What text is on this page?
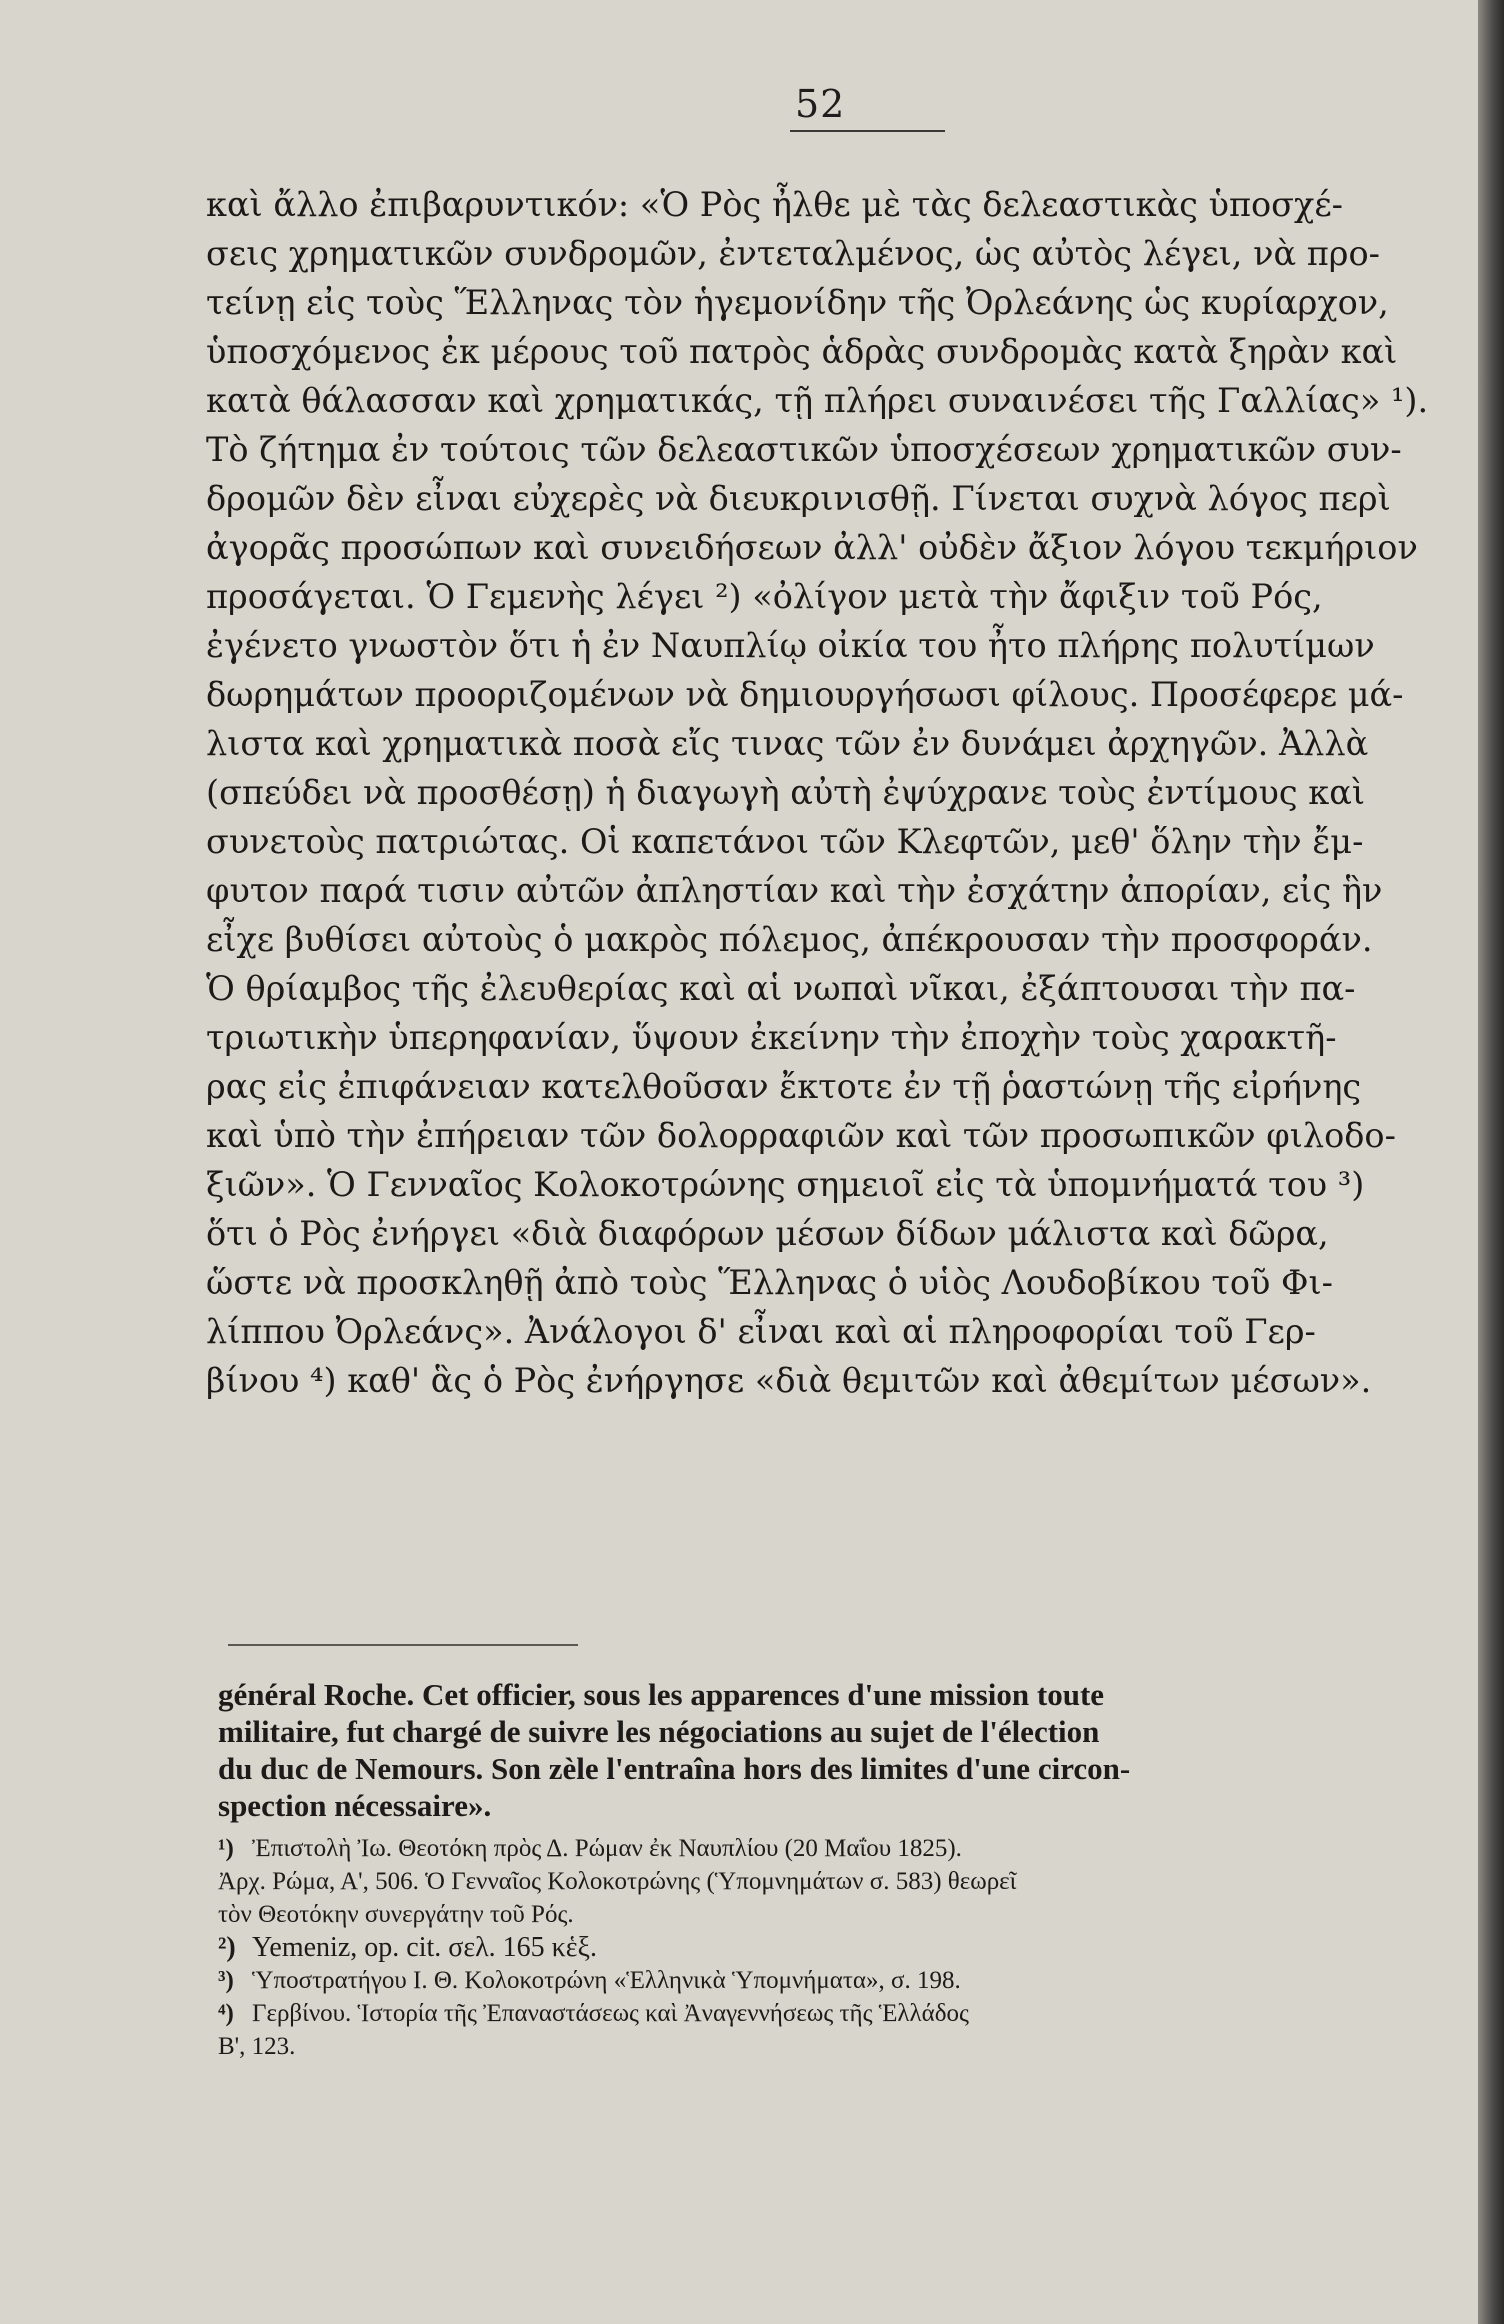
52
καὶ ἄλλο ἐπιβαρυντικόν: «Ὁ Ρὸς ἦλθε μὲ τὰς δελεαστικὰς ὑποσχέ-
σεις χρηματικῶν συνδρομῶν, ἐντεταλμένος, ὡς αὐτὸς λέγει, νὰ προ-
τείνῃ εἰς τοὺς Ἕλληνας τὸν ἡγεμονίδην τῆς Ὀρλεάνης ὡς κυρίαρχον,
ὑποσχόμενος ἐκ μέρους τοῦ πατρὸς ἁδρὰς συνδρομὰς κατὰ ξηρὰν καὶ
κατὰ θάλασσαν καὶ χρηματικάς, τῇ πλήρει συναινέσει τῆς Γαλλίας» ¹).
Τὸ ζήτημα ἐν τούτοις τῶν δελεαστικῶν ὑποσχέσεων χρηματικῶν συν-
δρομῶν δὲν εἶναι εὐχερὲς νὰ διευκρινισθῇ. Γίνεται συχνὰ λόγος περὶ
ἀγορᾶς προσώπων καὶ συνειδήσεων ἀλλ' οὐδὲν ἄξιον λόγου τεκμήριον
προσάγεται. Ὁ Γεμενὴς λέγει ²) «ὀλίγον μετὰ τὴν ἄφιξιν τοῦ Ρός,
ἐγένετο γνωστὸν ὅτι ἡ ἐν Ναυπλίῳ οἰκία του ἦτο πλήρης πολυτίμων
δωρημάτων προοριζομένων νὰ δημιουργήσωσι φίλους. Προσέφερε μά-
λιστα καὶ χρηματικὰ ποσὰ εἴς τινας τῶν ἐν δυνάμει ἀρχηγῶν. Ἀλλὰ
(σπεύδει νὰ προσθέσῃ) ἡ διαγωγὴ αὐτὴ ἐψύχρανε τοὺς ἐντίμους καὶ
συνετοὺς πατριώτας. Οἱ καπετάνοι τῶν Κλεφτῶν, μεθ' ὅλην τὴν ἔμ-
φυτον παρά τισιν αὐτῶν ἀπληστίαν καὶ τὴν ἐσχάτην ἀπορίαν, εἰς ἣν
εἶχε βυθίσει αὐτοὺς ὁ μακρὸς πόλεμος, ἀπέκρουσαν τὴν προσφοράν.
Ὁ θρίαμβος τῆς ἐλευθερίας καὶ αἱ νωπαὶ νῖκαι, ἐξάπτουσαι τὴν πα-
τριωτικὴν ὑπερηφανίαν, ὕψουν ἐκείνην τὴν ἐποχὴν τοὺς χαρακτῆ-
ρας εἰς ἐπιφάνειαν κατελθοῦσαν ἔκτοτε ἐν τῇ ῥαστώνῃ τῆς εἰρήνης
καὶ ὑπὸ τὴν ἐπήρειαν τῶν δολορραφιῶν καὶ τῶν προσωπικῶν φιλοδο-
ξιῶν». Ὁ Γενναῖος Κολοκοτρώνης σημειοῖ εἰς τὰ ὑπομνήματά του ³)
ὅτι ὁ Ρὸς ἐνήργει «διὰ διαφόρων μέσων δίδων μάλιστα καὶ δῶρα,
ὥστε νὰ προσκληθῇ ἀπὸ τοὺς Ἕλληνας ὁ υἱὸς Λουδοβίκου τοῦ Φι-
λίππου Ὀρλεάνς». Ἀνάλογοι δ' εἶναι καὶ αἱ πληροφορίαι τοῦ Γερ-
βίνου ⁴) καθ' ἃς ὁ Ρὸς ἐνήργησε «διὰ θεμιτῶν καὶ ἀθεμίτων μέσων».
général Roche. Cet officier, sous les apparences d'une mission toute
militaire, fut chargé de suivre les négociations au sujet de l'élection
du duc de Nemours. Son zèle l'entraîna hors des limites d'une circon-
spection nécessaire».

¹) Ἐπιστολὴ Ἰω. Θεοτόκη πρὸς Δ. Ρώμαν ἐκ Ναυπλίου (20 Μαΐου 1825).

Ἀρχ. Ρώμα, Α', 506. Ὁ Γενναῖος Κολοκοτρώνης (Ὑπομνημάτων σ. 583) θεωρεῖ

τὸν Θεοτόκην συνεργάτην τοῦ Ρός.

²) Yemeniz, op. cit. σελ. 165 κἑξ.

³) Ὑποστρατήγου Ι. Θ. Κολοκοτρώνη «Ἑλληνικὰ Ὑπομνήματα», σ. 198.

⁴) Γερβίνου. Ἱστορία τῆς Ἐπαναστάσεως καὶ Ἀναγεννήσεως τῆς Ἑλλάδος

Β', 123.
